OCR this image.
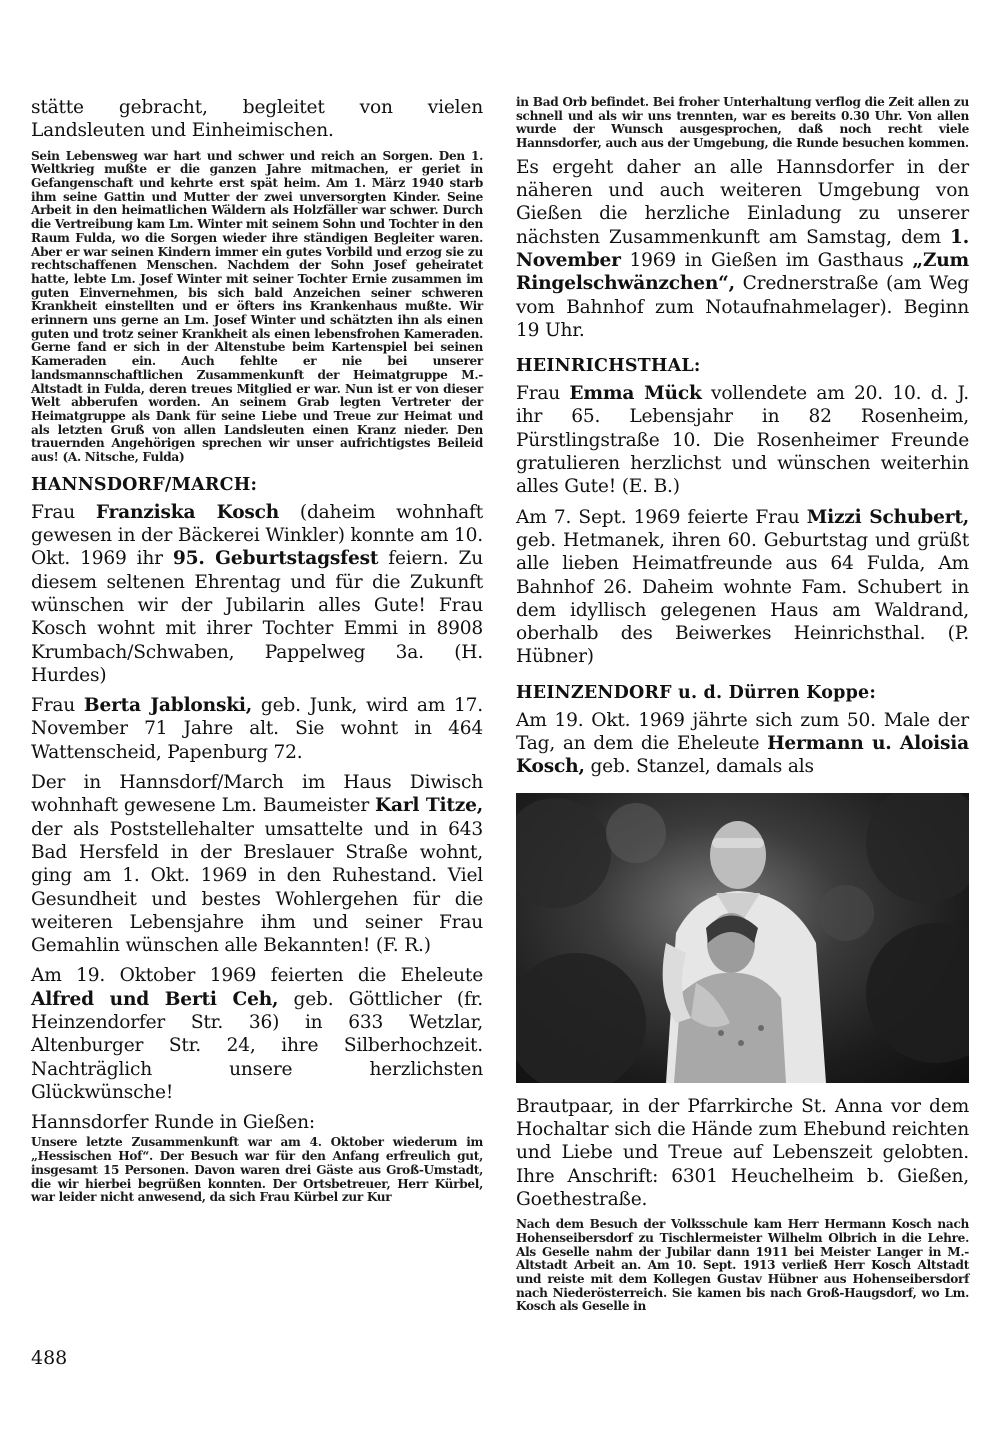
stätte gebracht, begleitet von vielen Landsleuten und Einheimischen.

Sein Lebensweg war hart und schwer und reich an Sorgen. Den 1. Weltkrieg mußte er die ganzen Jahre mitmachen, er geriet in Gefangenschaft und kehrte erst spät heim. Am 1. März 1940 starb ihm seine Gattin und Mutter der zwei unversorgten Kinder. Seine Arbeit in den heimatlichen Wäldern als Holzfäller war schwer. Durch die Vertreibung kam Lm. Winter mit seinem Sohn und Tochter in den Raum Fulda, wo die Sorgen wieder ihre ständigen Begleiter waren. Aber er war seinen Kindern immer ein gutes Vorbild und erzog sie zu rechtschaffenen Menschen. Nachdem der Sohn Josef geheiratet hatte, lebte Lm. Josef Winter mit seiner Tochter Ernie zusammen im guten Einvernehmen, bis sich bald Anzeichen seiner schweren Krankheit einstellten und er öfters ins Krankenhaus mußte. Wir erinnern uns gerne an Lm. Josef Winter und schätzten ihn als einen guten und trotz seiner Krankheit als einen lebensfrohen Kameraden. Gerne fand er sich in der Altenstube beim Kartenspiel bei seinen Kameraden ein. Auch fehlte er nie bei unserer landsmannschaftlichen Zusammenkunft der Heimatgruppe M.-Altstadt in Fulda, deren treues Mitglied er war. Nun ist er von dieser Welt abberufen worden. An seinem Grab legten Vertreter der Heimatgruppe als Dank für seine Liebe und Treue zur Heimat und als letzten Gruß von allen Landsleuten einen Kranz nieder. Den trauernden Angehörigen sprechen wir unser aufrichtigstes Beileid aus! (A. Nitsche, Fulda)

HANNSDORF/MARCH:

Frau Franziska Kosch (daheim wohnhaft gewesen in der Bäckerei Winkler) konnte am 10. Okt. 1969 ihr 95. Geburtstagsfest feiern. Zu diesem seltenen Ehrentag und für die Zukunft wünschen wir der Jubilarin alles Gute! Frau Kosch wohnt mit ihrer Tochter Emmi in 8908 Krumbach/Schwaben, Pappelweg 3a. (H. Hurdes)

Frau Berta Jablonski, geb. Junk, wird am 17. November 71 Jahre alt. Sie wohnt in 464 Wattenscheid, Papenburg 72.

Der in Hannsdorf/March im Haus Diwisch wohnhaft gewesene Lm. Baumeister Karl Titze, der als Poststellehalter umsattelte und in 643 Bad Hersfeld in der Breslauer Straße wohnt, ging am 1. Okt. 1969 in den Ruhestand. Viel Gesundheit und bestes Wohlergehen für die weiteren Lebensjahre ihm und seiner Frau Gemahlin wünschen alle Bekannten! (F. R.)

Am 19. Oktober 1969 feierten die Eheleute Alfred und Berti Ceh, geb. Göttlicher (fr. Heinzendorfer Str. 36) in 633 Wetzlar, Altenburger Str. 24, ihre Silberhochzeit. Nachträglich unsere herzlichsten Glückwünsche!

Hannsdorfer Runde in Gießen:

Unsere letzte Zusammenkunft war am 4. Oktober wiederum im „Hessischen Hof“. Der Besuch war für den Anfang erfreulich gut, insgesamt 15 Personen. Davon waren drei Gäste aus Groß-Umstadt, die wir hierbei begrüßen konnten. Der Ortsbetreuer, Herr Kürbel, war leider nicht anwesend, da sich Frau Kürbel zur Kur

in Bad Orb befindet. Bei froher Unterhaltung verflog die Zeit allen zu schnell und als wir uns trennten, war es bereits 0.30 Uhr. Von allen wurde der Wunsch ausgesprochen, daß noch recht viele Hannsdorfer, auch aus der Umgebung, die Runde besuchen kommen.

Es ergeht daher an alle Hannsdorfer in der näheren und auch weiteren Umgebung von Gießen die herzliche Einladung zu unserer nächsten Zusammenkunft am Samstag, dem 1. November 1969 in Gießen im Gasthaus „Zum Ringelschwänzchen“, Crednerstraße (am Weg vom Bahnhof zum Notaufnahmelager). Beginn 19 Uhr.

HEINRICHSTHAL:

Frau Emma Mück vollendete am 20. 10. d. J. ihr 65. Lebensjahr in 82 Rosenheim, Pürstlingstraße 10. Die Rosenheimer Freunde gratulieren herzlichst und wünschen weiterhin alles Gute! (E. B.)

Am 7. Sept. 1969 feierte Frau Mizzi Schubert, geb. Hetmanek, ihren 60. Geburtstag und grüßt alle lieben Heimatfreunde aus 64 Fulda, Am Bahnhof 26. Daheim wohnte Fam. Schubert in dem idyllisch gelegenen Haus am Waldrand, oberhalb des Beiwerkes Heinrichsthal. (P. Hübner)

HEINZENDORF u. d. Dürren Koppe:

Am 19. Okt. 1969 jährte sich zum 50. Male der Tag, an dem die Eheleute Hermann u. Aloisia Kosch, geb. Stanzel, damals als

Brautpaar, in der Pfarrkirche St. Anna vor dem Hochaltar sich die Hände zum Ehebund reichten und Liebe und Treue auf Lebenszeit gelobten. Ihre Anschrift: 6301 Heuchelheim b. Gießen, Goethestraße.

Nach dem Besuch der Volksschule kam Herr Hermann Kosch nach Hohenseibersdorf zu Tischlermeister Wilhelm Olbrich in die Lehre. Als Geselle nahm der Jubilar dann 1911 bei Meister Langer in M.-Altstadt Arbeit an. Am 10. Sept. 1913 verließ Herr Kosch Altstadt und reiste mit dem Kollegen Gustav Hübner aus Hohenseibersdorf nach Niederösterreich. Sie kamen bis nach Groß-Haugsdorf, wo Lm. Kosch als Geselle in

488
